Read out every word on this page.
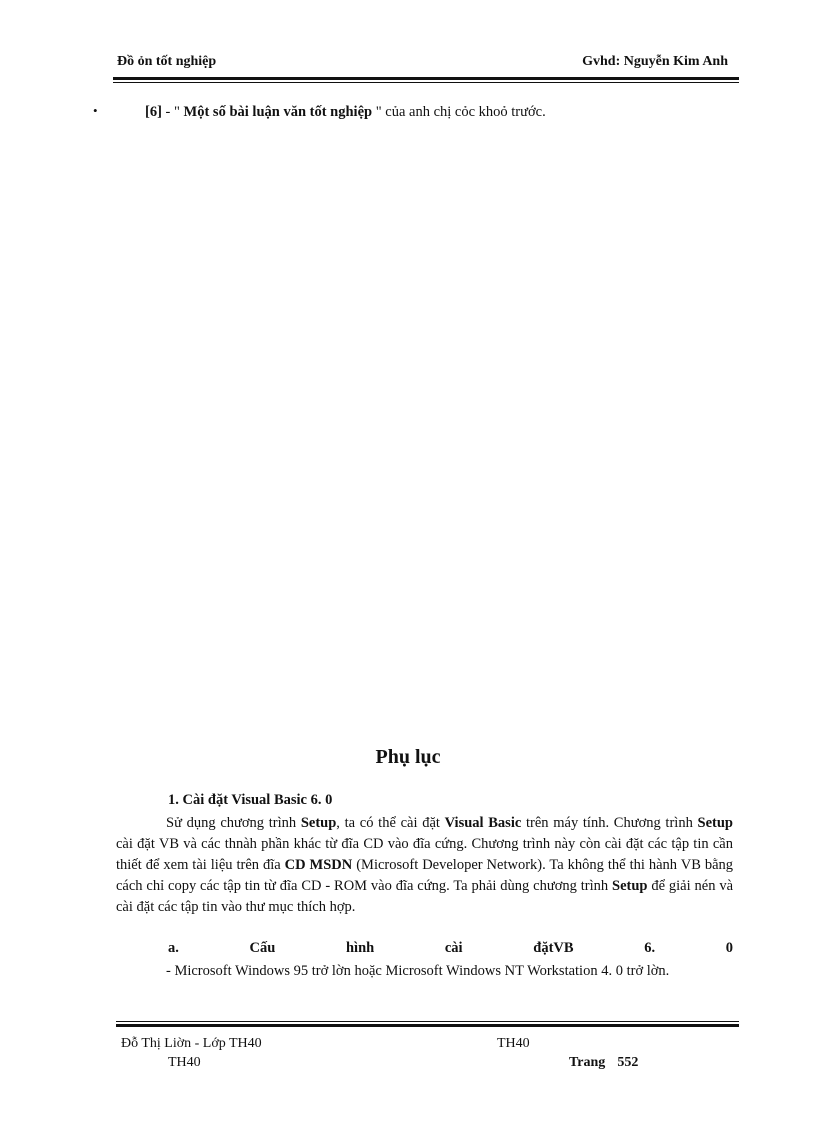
Đồ ỏn tốt nghiệp	Gvhd: Nguyễn Kim Anh
•	[6] - " Một số bài luận văn tốt nghiệp " của anh chị cỏc khoỏ trước.
Phụ lục
1. Cài đặt Visual Basic 6. 0
Sử dụng chương trình Setup, ta có thể cài đặt Visual Basic trên máy tính. Chương trình Setup cài đặt VB và các thnàh phần khác từ đĩa CD vào đĩa cứng. Chương trình này còn cài đặt các tập tin cần thiết để xem tài liệu trên đĩa CD MSDN (Microsoft Developer Network). Ta không thể thi hành VB bằng cách chỉ copy các tập tin từ đĩa CD - ROM vào đĩa cứng. Ta phải dùng chương trình Setup để giải nén và cài đặt các tập tin vào thư mục thích hợp.
a.	Cấu	hình	cài	đặtVB	6.	0
- Microsoft Windows 95 trở lờn hoặc Microsoft Windows NT Workstation 4. 0 trở lờn.
Đỗ Thị Liờn - Lớp TH40	TH40
TH40	Trang 552
